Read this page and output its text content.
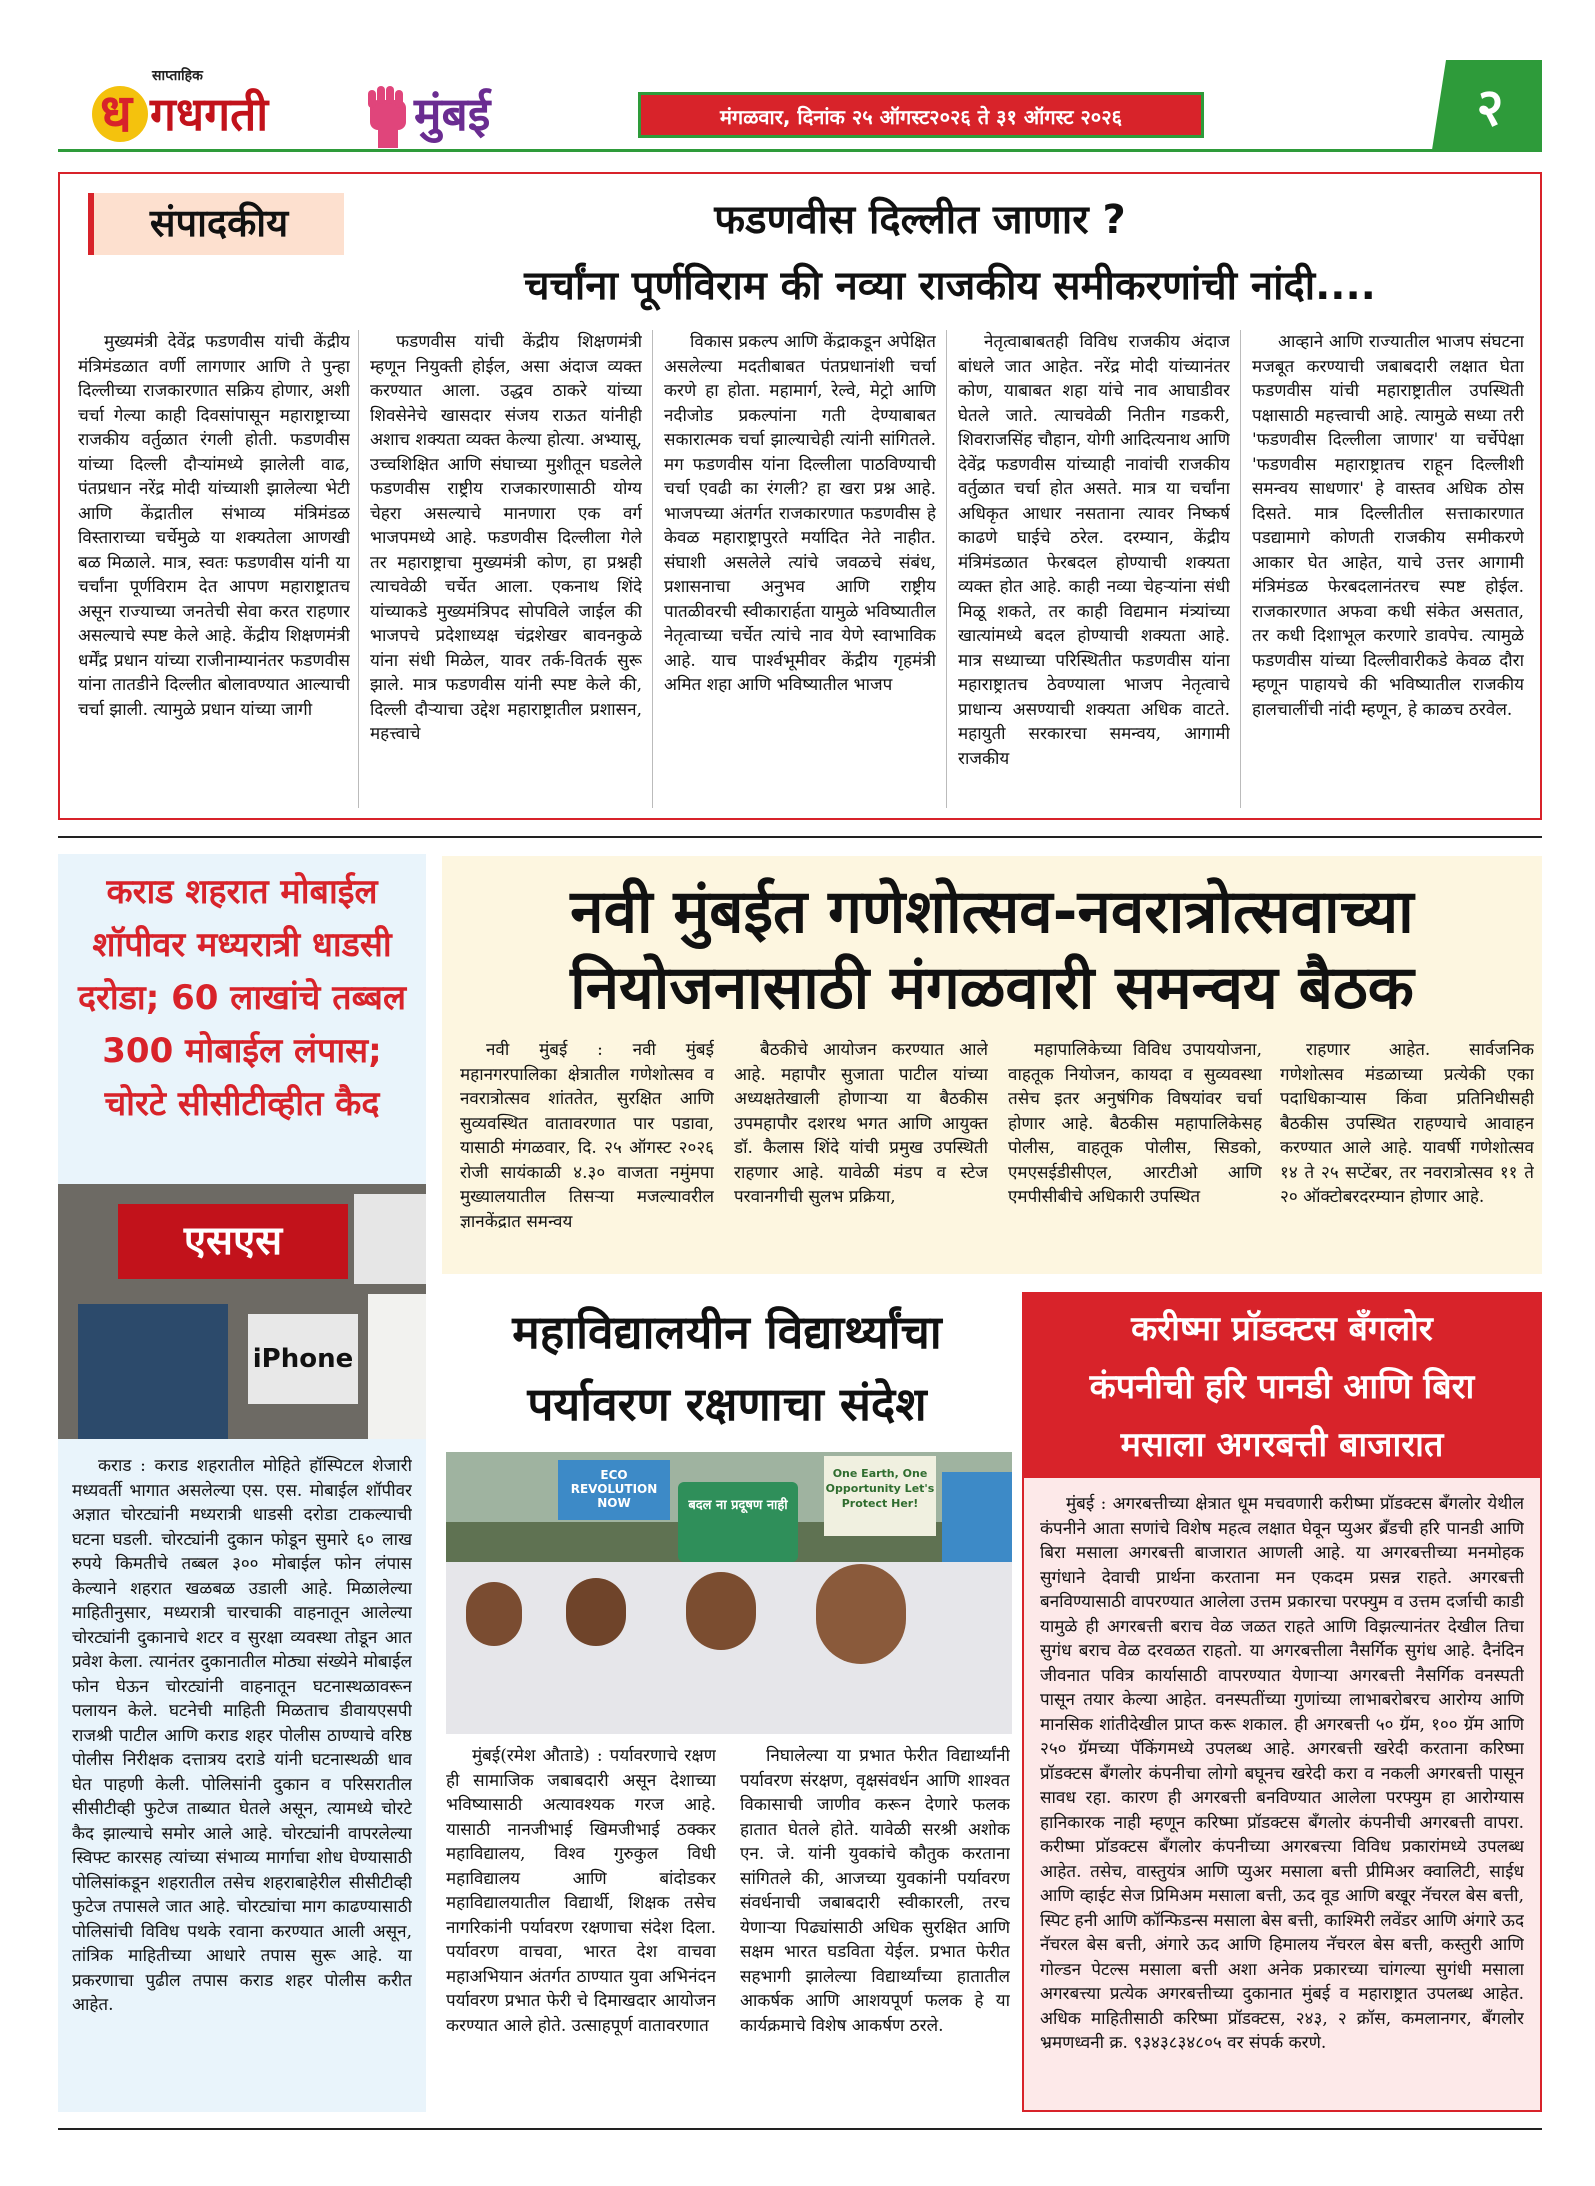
साप्ताहिक
ध गधगती	मुंबई	मंगळवार, दिनांक २५ ऑगस्ट२०२६ ते ३१ ऑगस्ट २०२६	२
संपादकीय	फडणवीस दिल्लीत जाणार ?
चर्चांना पूर्णविराम की नव्या राजकीय समीकरणांची नांदी....

मुख्यमंत्री देवेंद्र फडणवीस यांची केंद्रीय मंत्रिमंडळात वर्णी लागणार आणि ते पुन्हा दिल्लीच्या राजकारणात सक्रिय होणार, अशी चर्चा गेल्या काही दिवसांपासून महाराष्ट्राच्या राजकीय वर्तुळात रंगली होती. फडणवीस यांच्या दिल्ली दौऱ्यांमध्ये झालेली वाढ, पंतप्रधान नरेंद्र मोदी यांच्याशी झालेल्या भेटी आणि केंद्रातील संभाव्य मंत्रिमंडळ विस्ताराच्या चर्चेमुळे या शक्यतेला आणखी बळ मिळाले. मात्र, स्वतः फडणवीस यांनी या चर्चांना पूर्णविराम देत आपण महाराष्ट्रातच असून राज्याच्या जनतेची सेवा करत राहणार असल्याचे स्पष्ट केले आहे. केंद्रीय शिक्षणमंत्री धर्मेंद्र प्रधान यांच्या राजीनाम्यानंतर फडणवीस यांना तातडीने दिल्लीत बोलावण्यात आल्याची चर्चा झाली. त्यामुळे प्रधान यांच्या जागी

फडणवीस यांची केंद्रीय शिक्षणमंत्री म्हणून नियुक्ती होईल, असा अंदाज व्यक्त करण्यात आला. उद्धव ठाकरे यांच्या शिवसेनेचे खासदार संजय राऊत यांनीही अशाच शक्यता व्यक्त केल्या होत्या. अभ्यासू, उच्चशिक्षित आणि संघाच्या मुशीतून घडलेले फडणवीस राष्ट्रीय राजकारणासाठी योग्य चेहरा असल्याचे मानणारा एक वर्ग भाजपमध्ये आहे. फडणवीस दिल्लीला गेले तर महाराष्ट्राचा मुख्यमंत्री कोण, हा प्रश्नही त्याचवेळी चर्चेत आला. एकनाथ शिंदे यांच्याकडे मुख्यमंत्रिपद सोपविले जाईल की भाजपचे प्रदेशाध्यक्ष चंद्रशेखर बावनकुळे यांना संधी मिळेल, यावर तर्क-वितर्क सुरू झाले. मात्र फडणवीस यांनी स्पष्ट केले की, दिल्ली दौऱ्याचा उद्देश महाराष्ट्रातील प्रशासन, महत्त्वाचे

विकास प्रकल्प आणि केंद्राकडून अपेक्षित असलेल्या मदतीबाबत पंतप्रधानांशी चर्चा करणे हा होता. महामार्ग, रेल्वे, मेट्रो आणि नदीजोड प्रकल्पांना गती देण्याबाबत सकारात्मक चर्चा झाल्याचेही त्यांनी सांगितले. मग फडणवीस यांना दिल्लीला पाठविण्याची चर्चा एवढी का रंगली? हा खरा प्रश्न आहे. भाजपच्या अंतर्गत राजकारणात फडणवीस हे केवळ महाराष्ट्रापुरते मर्यादित नेते नाहीत. संघाशी असलेले त्यांचे जवळचे संबंध, प्रशासनाचा अनुभव आणि राष्ट्रीय पातळीवरची स्वीकारार्हता यामुळे भविष्यातील नेतृत्वाच्या चर्चेत त्यांचे नाव येणे स्वाभाविक आहे. याच पार्श्वभूमीवर केंद्रीय गृहमंत्री अमित शहा आणि भविष्यातील भाजप

नेतृत्वाबाबतही विविध राजकीय अंदाज बांधले जात आहेत. नरेंद्र मोदी यांच्यानंतर कोण, याबाबत शहा यांचे नाव आघाडीवर घेतले जाते. त्याचवेळी नितीन गडकरी, शिवराजसिंह चौहान, योगी आदित्यनाथ आणि देवेंद्र फडणवीस यांच्याही नावांची राजकीय वर्तुळात चर्चा होत असते. मात्र या चर्चांना अधिकृत आधार नसताना त्यावर निष्कर्ष काढणे घाईचे ठरेल. दरम्यान, केंद्रीय मंत्रिमंडळात फेरबदल होण्याची शक्यता व्यक्त होत आहे. काही नव्या चेहऱ्यांना संधी मिळू शकते, तर काही विद्यमान मंत्र्यांच्या खात्यांमध्ये बदल होण्याची शक्यता आहे. मात्र सध्याच्या परिस्थितीत फडणवीस यांना महाराष्ट्रातच ठेवण्याला भाजप नेतृत्वाचे प्राधान्य असण्याची शक्यता अधिक वाटते. महायुती सरकारचा समन्वय, आगामी राजकीय

आव्हाने आणि राज्यातील भाजप संघटना मजबूत करण्याची जबाबदारी लक्षात घेता फडणवीस यांची महाराष्ट्रातील उपस्थिती पक्षासाठी महत्त्वाची आहे. त्यामुळे सध्या तरी 'फडणवीस दिल्लीला जाणार' या चर्चेपेक्षा 'फडणवीस महाराष्ट्रातच राहून दिल्लीशी समन्वय साधणार' हे वास्तव अधिक ठोस दिसते. मात्र दिल्लीतील सत्ताकारणात पडद्यामागे कोणती राजकीय समीकरणे आकार घेत आहेत, याचे उत्तर आगामी मंत्रिमंडळ फेरबदलानंतरच स्पष्ट होईल. राजकारणात अफवा कधी संकेत असतात, तर कधी दिशाभूल करणारे डावपेच. त्यामुळे फडणवीस यांच्या दिल्लीवारीकडे केवळ दौरा म्हणून पाहायचे की भविष्यातील राजकीय हालचालींची नांदी म्हणून, हे काळच ठरवेल.

कराड शहरात मोबाईल शॉपीवर मध्यरात्री धाडसी दरोडा; 60 लाखांचे तब्बल 300 मोबाईल लंपास; चोरटे सीसीटीव्हीत कैद
एसएस
iPhone

कराड : कराड शहरातील मोहिते हॉस्पिटल शेजारी मध्यवर्ती भागात असलेल्या एस. एस. मोबाईल शॉपीवर अज्ञात चोरट्यांनी मध्यरात्री धाडसी दरोडा टाकल्याची घटना घडली. चोरट्यांनी दुकान फोडून सुमारे ६० लाख रुपये किमतीचे तब्बल ३०० मोबाईल फोन लंपास केल्याने शहरात खळबळ उडाली आहे. मिळालेल्या माहितीनुसार, मध्यरात्री चारचाकी वाहनातून आलेल्या चोरट्यांनी दुकानाचे शटर व सुरक्षा व्यवस्था तोडून आत प्रवेश केला. त्यानंतर दुकानातील मोठ्या संख्येने मोबाईल फोन घेऊन चोरट्यांनी वाहनातून घटनास्थळावरून पलायन केले. घटनेची माहिती मिळताच डीवायएसपी राजश्री पाटील आणि कराड शहर पोलीस ठाण्याचे वरिष्ठ पोलीस निरीक्षक दत्तात्रय दराडे यांनी घटनास्थळी धाव घेत पाहणी केली. पोलिसांनी दुकान व परिसरातील सीसीटीव्ही फुटेज ताब्यात घेतले असून, त्यामध्ये चोरटे कैद झाल्याचे समोर आले आहे. चोरट्यांनी वापरलेल्या स्विफ्ट कारसह त्यांच्या संभाव्य मार्गाचा शोध घेण्यासाठी पोलिसांकडून शहरातील तसेच शहराबाहेरील सीसीटीव्ही फुटेज तपासले जात आहे. चोरट्यांचा माग काढण्यासाठी पोलिसांची विविध पथके रवाना करण्यात आली असून, तांत्रिक माहितीच्या आधारे तपास सुरू आहे. या प्रकरणाचा पुढील तपास कराड शहर पोलीस करीत आहेत.

नवी मुंबईत गणेशोत्सव-नवरात्रोत्सवाच्या
नियोजनासाठी मंगळवारी समन्वय बैठक

नवी मुंबई : नवी मुंबई महानगरपालिका क्षेत्रातील गणेशोत्सव व नवरात्रोत्सव शांततेत, सुरक्षित आणि सुव्यवस्थित वातावरणात पार पडावा, यासाठी मंगळवार, दि. २५ ऑगस्ट २०२६ रोजी सायंकाळी ४.३० वाजता नमुंमपा मुख्यालयातील तिसऱ्या मजल्यावरील ज्ञानकेंद्रात समन्वय

बैठकीचे आयोजन करण्यात आले आहे. महापौर सुजाता पाटील यांच्या अध्यक्षतेखाली होणाऱ्या या बैठकीस उपमहापौर दशरथ भगत आणि आयुक्त डॉ. कैलास शिंदे यांची प्रमुख उपस्थिती राहणार आहे. यावेळी मंडप व स्टेज परवानगीची सुलभ प्रक्रिया,

महापालिकेच्या विविध उपाययोजना, वाहतूक नियोजन, कायदा व सुव्यवस्था तसेच इतर अनुषंगिक विषयांवर चर्चा होणार आहे. बैठकीस महापालिकेसह पोलीस, वाहतूक पोलीस, सिडको, एमएसईडीसीएल, आरटीओ आणि एमपीसीबीचे अधिकारी उपस्थित

राहणार आहेत. सार्वजनिक गणेशोत्सव मंडळाच्या प्रत्येकी एका पदाधिकाऱ्यास किंवा प्रतिनिधीसही बैठकीस उपस्थित राहण्याचे आवाहन करण्यात आले आहे. यावर्षी गणेशोत्सव १४ ते २५ सप्टेंबर, तर नवरात्रोत्सव ११ ते २० ऑक्टोबरदरम्यान होणार आहे.

महाविद्यालयीन विद्यार्थ्यांचा
पर्यावरण रक्षणाचा संदेश
ECO REVOLUTION NOW	बदल ना प्रदूषण नाही
One Earth, One Opportunity Let's Protect Her!

मुंबई(रमेश औताडे) : पर्यावरणाचे रक्षण ही सामाजिक जबाबदारी असून देशाच्या भविष्यासाठी अत्यावश्यक गरज आहे. यासाठी नानजीभाई खिमजीभाई ठक्कर महाविद्यालय, विश्व गुरुकुल विधी महाविद्यालय आणि बांदोडकर महाविद्यालयातील विद्यार्थी, शिक्षक तसेच नागरिकांनी पर्यावरण रक्षणाचा संदेश दिला. पर्यावरण वाचवा, भारत देश वाचवा महाअभियान अंतर्गत ठाण्यात युवा अभिनंदन पर्यावरण प्रभात फेरी चे दिमाखदार आयोजन करण्यात आले होते. उत्साहपूर्ण वातावरणात

निघालेल्या या प्रभात फेरीत विद्यार्थ्यांनी पर्यावरण संरक्षण, वृक्षसंवर्धन आणि शाश्वत विकासाची जाणीव करून देणारे फलक हातात घेतले होते. यावेळी सरश्री अशोक एन. जे. यांनी युवकांचे कौतुक करताना सांगितले की, आजच्या युवकांनी पर्यावरण संवर्धनाची जबाबदारी स्वीकारली, तरच येणाऱ्या पिढ्यांसाठी अधिक सुरक्षित आणि सक्षम भारत घडविता येईल. प्रभात फेरीत सहभागी झालेल्या विद्यार्थ्यांच्या हातातील आकर्षक आणि आशयपूर्ण फलक हे या कार्यक्रमाचे विशेष आकर्षण ठरले.

करीष्मा प्रॉडक्टस बँगलोर
कंपनीची हरि पानडी आणि बिरा
मसाला अगरबत्ती बाजारात

मुंबई : अगरबत्तीच्या क्षेत्रात धूम मचवणारी करीष्मा प्रॉडक्टस बँगलोर येथील कंपनीने आता सणांचे विशेष महत्व लक्षात घेवून प्युअर ब्रँडची हरि पानडी आणि बिरा मसाला अगरबत्ती बाजारात आणली आहे. या अगरबत्तीच्या मनमोहक सुगंधाने देवाची प्रार्थना करताना मन एकदम प्रसन्न राहते. अगरबत्ती बनविण्यासाठी वापरण्यात आलेला उत्तम प्रकारचा परफ्युम व उत्तम दर्जाची काडी यामुळे ही अगरबत्ती बराच वेळ जळत राहते आणि विझल्यानंतर देखील तिचा सुगंध बराच वेळ दरवळत राहतो. या अगरबत्तीला नैसर्गिक सुगंध आहे. दैनंदिन जीवनात पवित्र कार्यासाठी वापरण्यात येणाऱ्या अगरबत्ती नैसर्गिक वनस्पती पासून तयार केल्या आहेत. वनस्पतींच्या गुणांच्या लाभाबरोबरच आरोग्य आणि मानसिक शांतीदेखील प्राप्त करू शकाल. ही अगरबत्ती ५० ग्रॅम, १०० ग्रॅम आणि २५० ग्रॅमच्या पॅकिंगमध्ये उपलब्ध आहे. अगरबत्ती खरेदी करताना करिष्मा प्रॉडक्टस बँगलोर कंपनीचा लोगो बघूनच खरेदी करा व नकली अगरबत्ती पासून सावध रहा. कारण ही अगरबत्ती बनविण्यात आलेला परफ्युम हा आरोग्यास हानिकारक नाही म्हणून करिष्मा प्रॉडक्टस बँगलोर कंपनीची अगरबत्ती वापरा. करीष्मा प्रॉडक्टस बँगलोर कंपनीच्या अगरबत्त्या विविध प्रकारांमध्ये उपलब्ध आहेत. तसेच, वास्तुयंत्र आणि प्युअर मसाला बत्ती प्रीमिअर क्वालिटी, साईध आणि व्हाईट सेज प्रिमिअम मसाला बत्ती, ऊद वूड आणि बखूर नॅचरल बेस बत्ती, स्पिट हनी आणि कॉन्फिडन्स मसाला बेस बत्ती, काश्मिरी लवेंडर आणि अंगारे ऊद नॅचरल बेस बत्ती, अंगारे ऊद आणि हिमालय नॅचरल बेस बत्ती, कस्तुरी आणि गोल्डन पेटल्स मसाला बत्ती अशा अनेक प्रकारच्या चांगल्या सुगंधी मसाला अगरबत्त्या प्रत्येक अगरबत्तीच्या दुकानात मुंबई व महाराष्ट्रात उपलब्ध आहेत. अधिक माहितीसाठी करिष्मा प्रॉडक्टस, २४३, २ क्रॉस, कमलानगर, बँगलोर भ्रमणध्वनी क्र. ९३४३८३४८०५ वर संपर्क करणे.
